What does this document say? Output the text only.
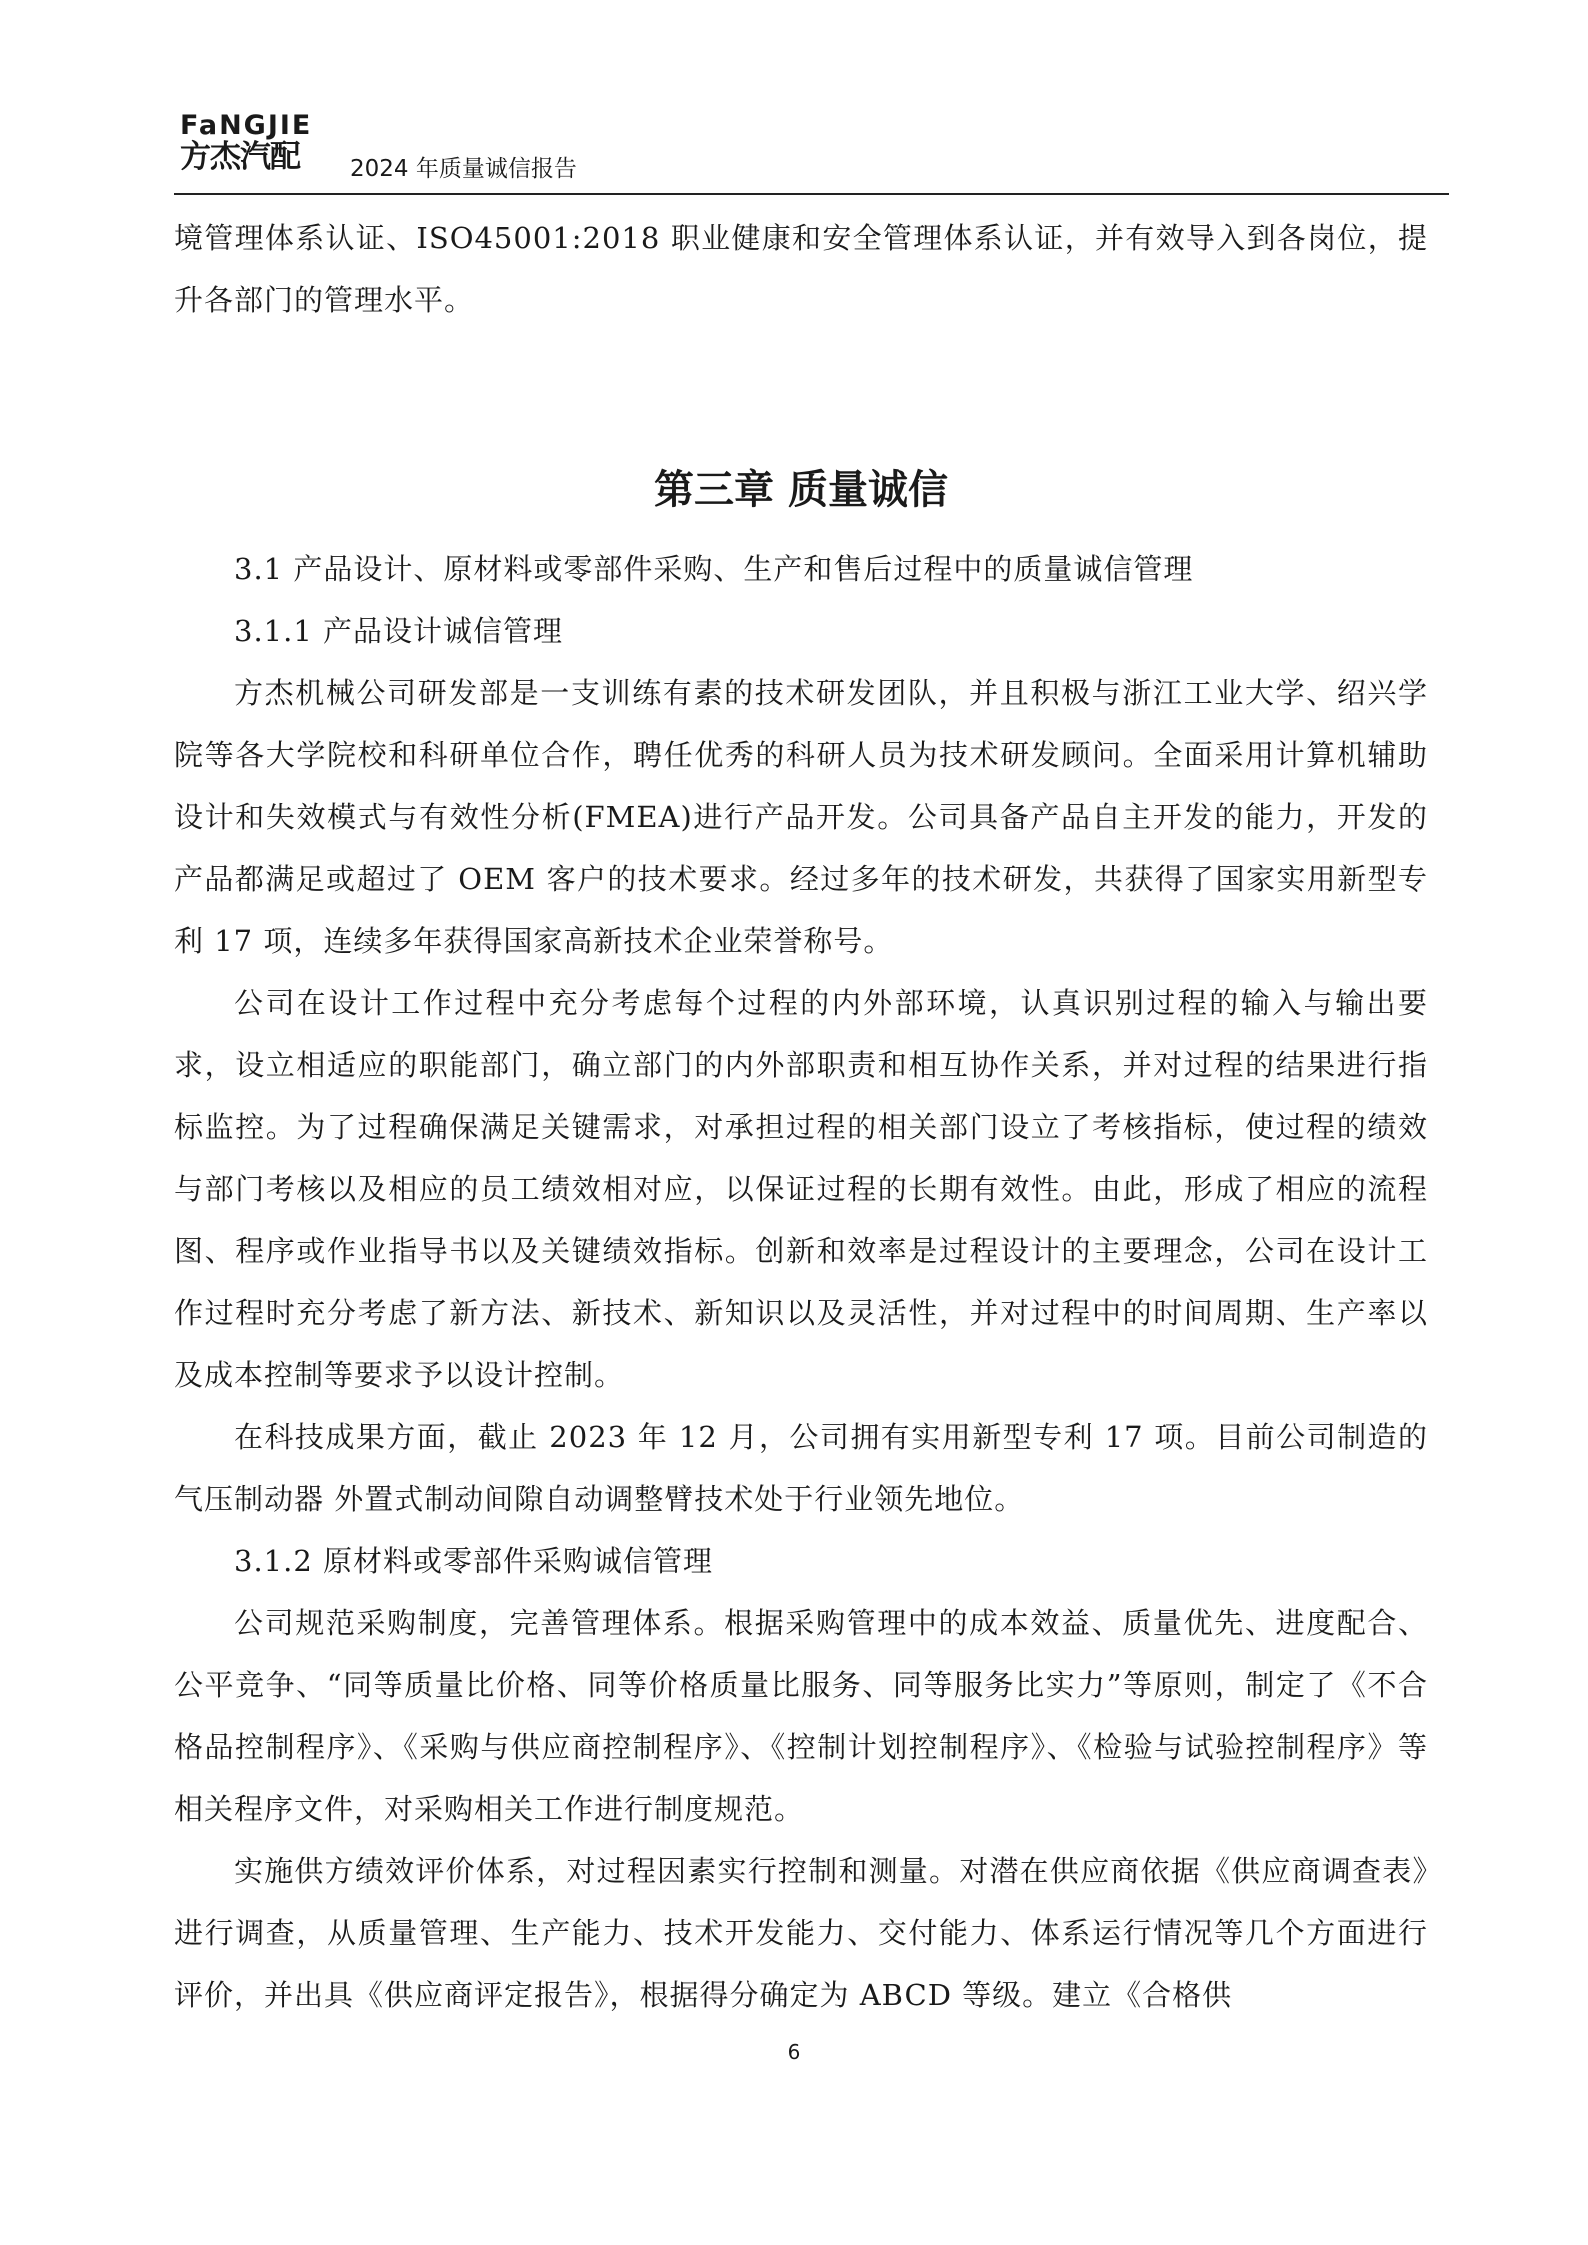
FaNGJIE
方杰汽配 2024 年质量诚信报告

境管理体系认证、ISO45001:2018 职业健康和安全管理体系认证，并有效导入到各岗位，提升各部门的管理水平。

第三章 质量诚信

3.1 产品设计、原材料或零部件采购、生产和售后过程中的质量诚信管理

3.1.1 产品设计诚信管理

方杰机械公司研发部是一支训练有素的技术研发团队，并且积极与浙江工业大学、绍兴学院等各大学院校和科研单位合作，聘任优秀的科研人员为技术研发顾问。全面采用计算机辅助设计和失效模式与有效性分析(FMEA)进行产品开发。公司具备产品自主开发的能力，开发的产品都满足或超过了 OEM 客户的技术要求。经过多年的技术研发，共获得了国家实用新型专利 17 项，连续多年获得国家高新技术企业荣誉称号。

公司在设计工作过程中充分考虑每个过程的内外部环境，认真识别过程的输入与输出要求，设立相适应的职能部门，确立部门的内外部职责和相互协作关系，并对过程的结果进行指标监控。为了过程确保满足关键需求，对承担过程的相关部门设立了考核指标，使过程的绩效与部门考核以及相应的员工绩效相对应，以保证过程的长期有效性。由此，形成了相应的流程图、程序或作业指导书以及关键绩效指标。创新和效率是过程设计的主要理念，公司在设计工作过程时充分考虑了新方法、新技术、新知识以及灵活性，并对过程中的时间周期、生产率以及成本控制等要求予以设计控制。

在科技成果方面，截止 2023 年 12 月，公司拥有实用新型专利 17 项。目前公司制造的气压制动器 外置式制动间隙自动调整臂技术处于行业领先地位。

3.1.2 原材料或零部件采购诚信管理

公司规范采购制度，完善管理体系。根据采购管理中的成本效益、质量优先、进度配合、公平竞争、“同等质量比价格、同等价格质量比服务、同等服务比实力”等原则，制定了《不合格品控制程序》、《采购与供应商控制程序》、《控制计划控制程序》、《检验与试验控制程序》等相关程序文件，对采购相关工作进行制度规范。

实施供方绩效评价体系，对过程因素实行控制和测量。对潜在供应商依据《供应商调查表》进行调查，从质量管理、生产能力、技术开发能力、交付能力、体系运行情况等几个方面进行评价，并出具《供应商评定报告》，根据得分确定为 ABCD 等级。建立《合格供

6
